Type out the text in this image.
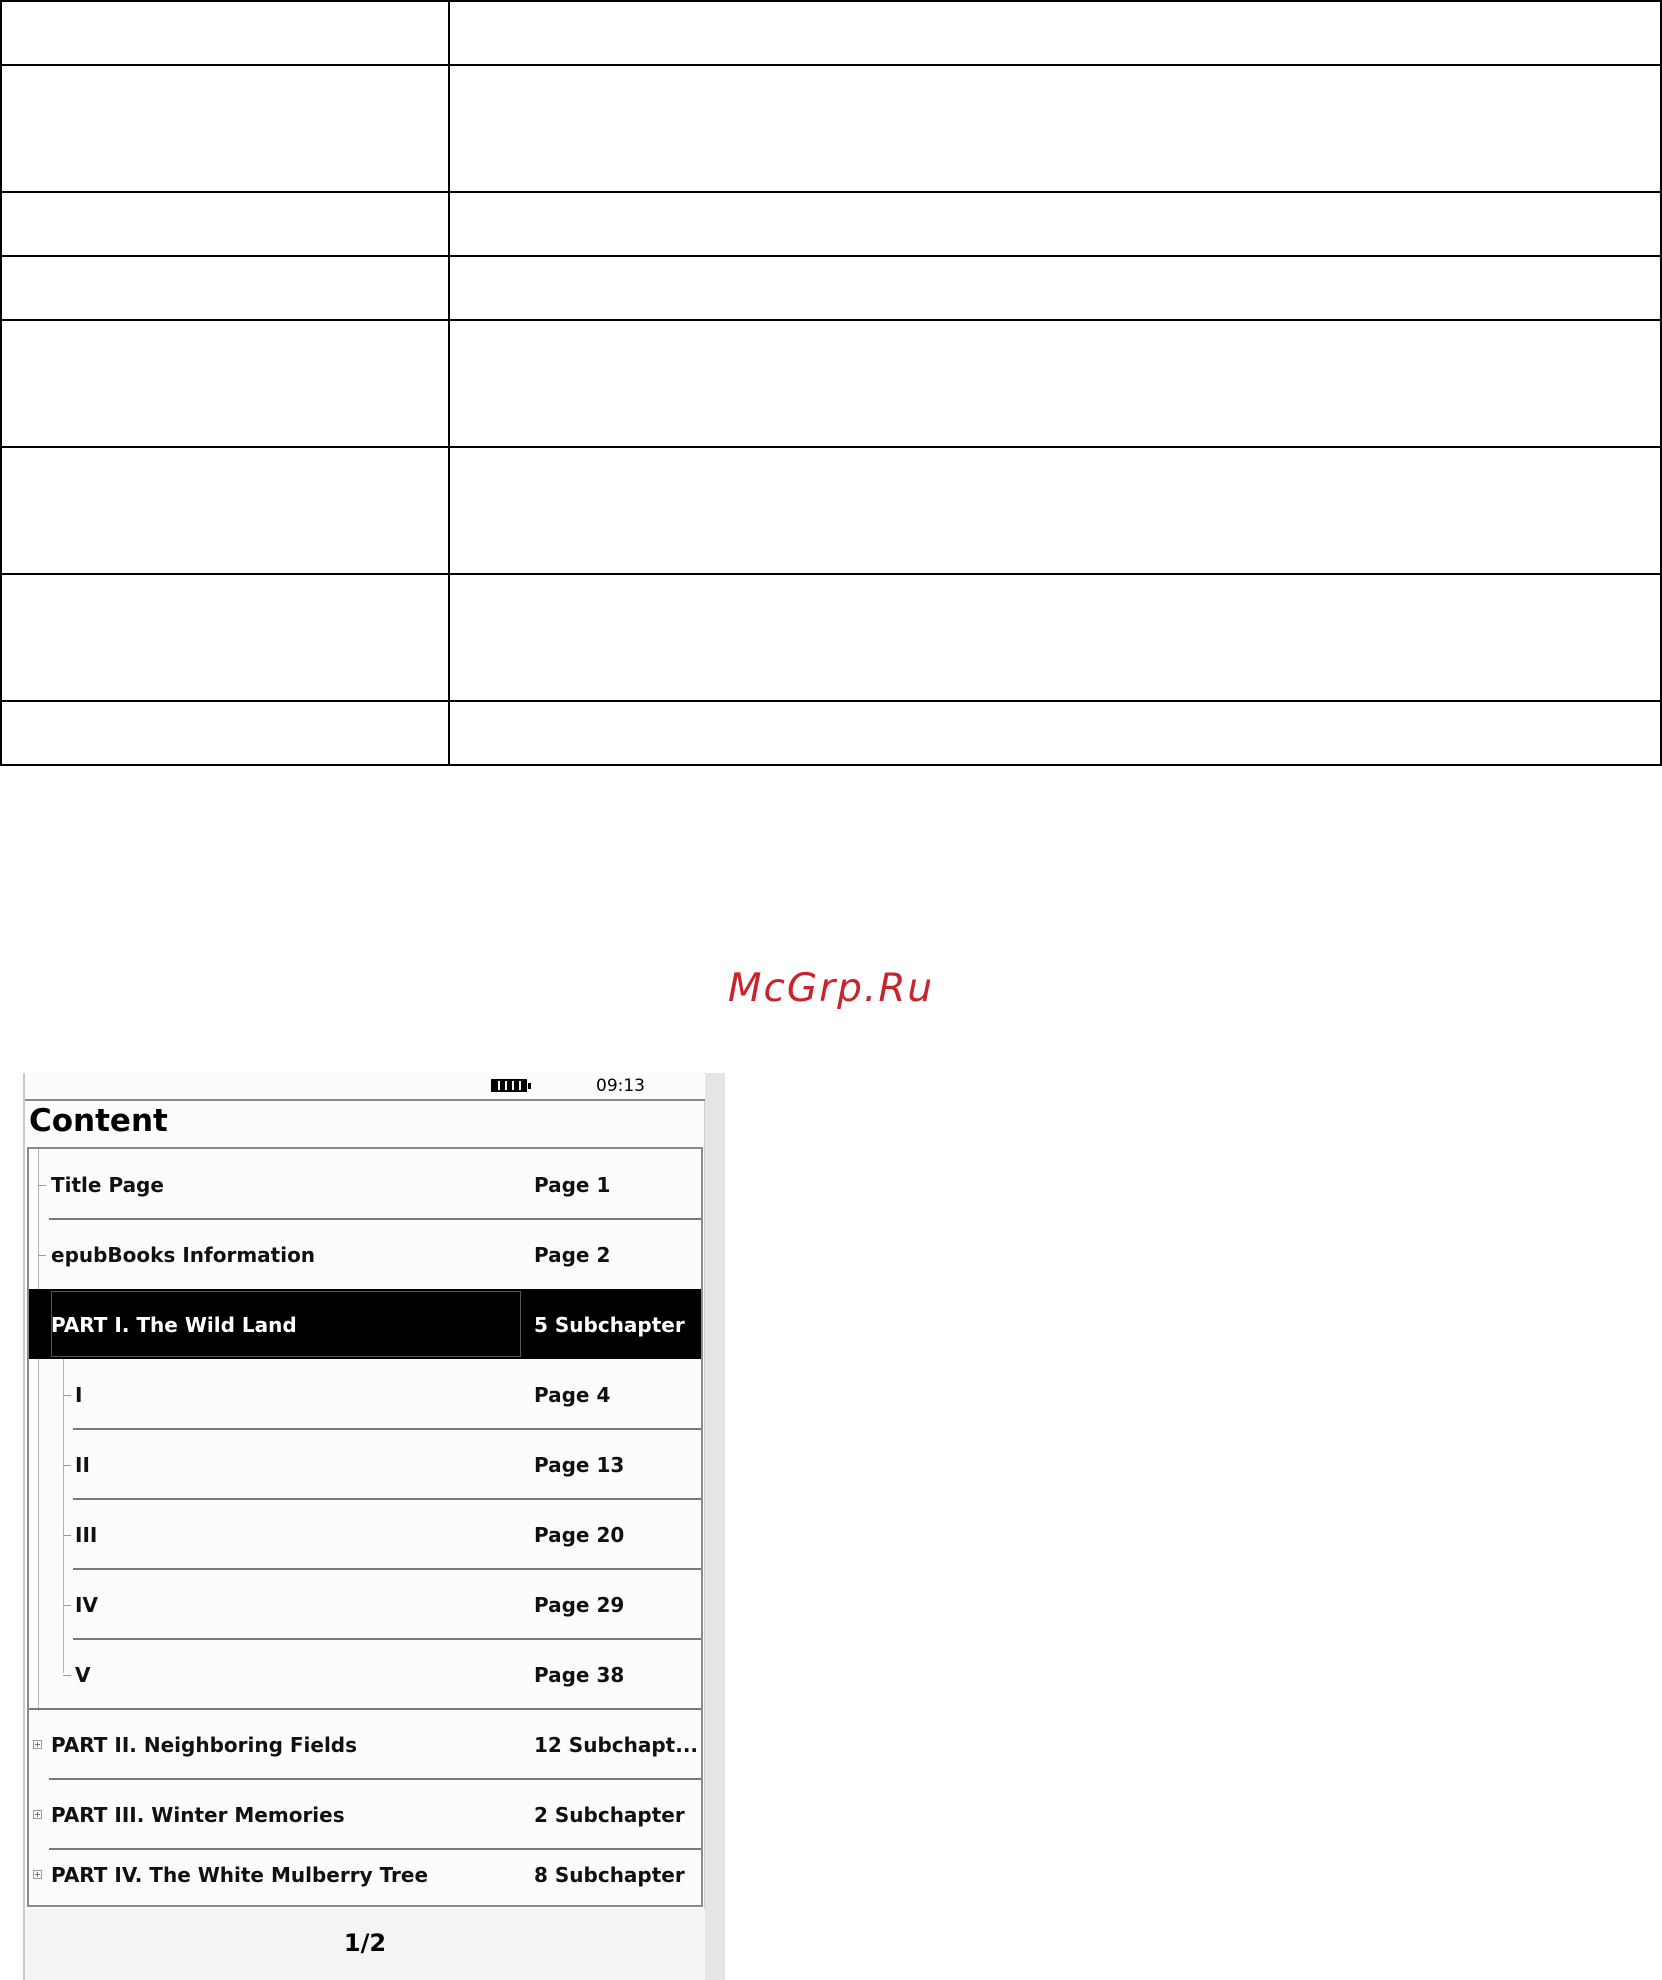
McGrp.Ru
09:13
Content
Title Page	Page 1
epubBooks Information	Page 2
PART I. The Wild Land	5 Subchapter
I	Page 4
II	Page 13
III	Page 20
IV	Page 29
V	Page 38
PART II. Neighboring Fields	12 Subchapt...
PART III. Winter Memories	2 Subchapter
PART IV. The White Mulberry Tree	8 Subchapter
1/2
